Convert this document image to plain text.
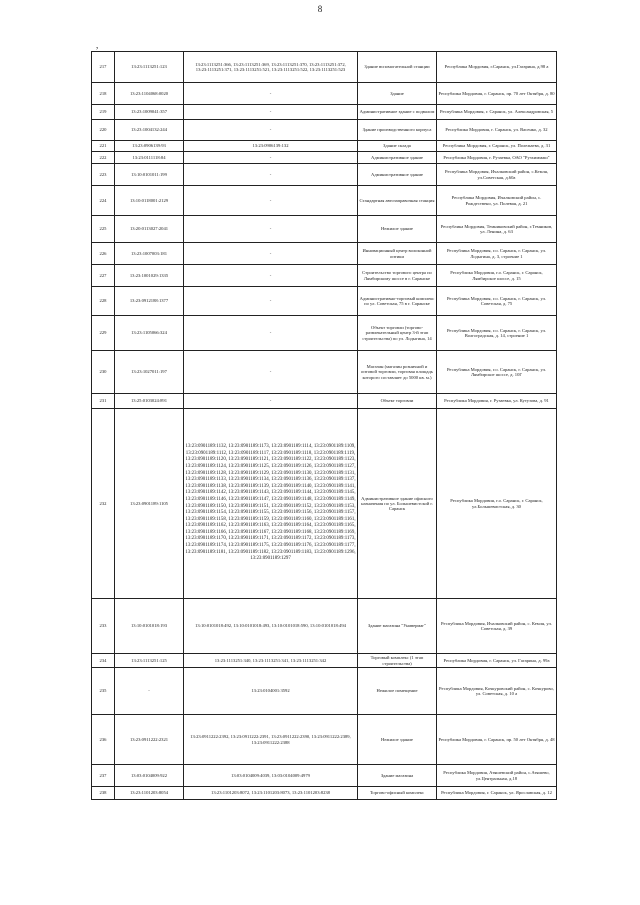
8
,
217	13:23:1113251:123	13:23:1113251:366, 13:23:1113251:369, 13:23:1113251:370, 13:23:1113251:372, 13:23:1113251:371, 13:23:1113251:521, 13:23:1113251:522, 13:23:1113251:523	Здание вспомогательной станции	Республика Мордовия, г.Саранск, ул.Гагарина, д.98 а
218	13:23:1104068:0020	-	Здание	Республика Мордовия, г. Саранск, пр. 70 лет Октября, д. 80
219	13:23:1009041:357	-	Административное здание с подвалом	Республика Мордовия, г. Саранск, ул. Александровская, 5
220	13:23:1004132:244	-	Здание производственного корпуса	Республика Мордовия, г. Саранск, ул. Васенко, д. 32
221	13:23:0906139:93	13:23:0906139:132	Здание склада	Республика Мордовия, г. Саранск, ул. Полежаева, д. 31
222	13:23:0111118:84	-	Административное здание	Республика Мордовия, г. Рузаевка, ОАО "Рузхиммаш"
223	13:10:0101011:199	-	Административное здание	Республика Мордовия, Ичалковский район, с.Кемля, ул.Советская, д.60а
224	13:10:0118001:2129	-	Стандартная автозаправочная станция	Республика Мордовия, Ичалковский район, с. Рождествено, ул. Полевая, д. 21
225	13:20:0113027:2041	-	Нежилое здание	Республика Мордовия, Темниковский район, г.Темников, ул. Ленина, д. 63
226	13:23:1007003:181	-	Инновационный центр волоконной оптики	Республика Мордовия, г.о. Саранск, г. Саранск, ул. Лодыгина, д. 3, строение 1
227	13:23:1001029:1335	-	Строительство торгового центра по Лямбирскому шоссе в г. Саранске	Республика Мордовия, г.о. Саранск, г. Саранск, Лямбирское шоссе, д. 15
228	13:23:0912188:1377	-	Административно-торговый комплекс по ул. Советская, 75 в г. Саранске	Республика Мордовия, г.о. Саранск, г. Саранск, ул. Советская, д. 75
229	13:23:1105066:324	-	Объект торговли (торгово-развлекательный центр 3-й этап строительства) по ул. Лодыгина, 14	Республика Мордовия, г.о. Саранск, г. Саранск, ул. Волгоградская, д. 14, строение 1
230	13:23:1027011:197	-	Магазин (магазин розничной и оптовой торговли, торговая площадь которого составляет до 5000 кв. м.)	Республика Мордовия, г.о. Саранск, г. Саранск, ул. Лямбирское шоссе, д. 10Г
231	13:25:0103024:891	-	Объект торговли	Республика Мордовия, г. Рузаевка, ул. Кутузова, д. 91
232	13:23:0901189:1105	13:23:0901189:1132, 13:23:0901189:1173, 13:23:0901189:1114, 13:23:0901189:1109, 13:23:0901189:1112, 13:23:0901189:1117, 13:23:0901189:1118, 13:23:0901189:1119, 13:23:0901189:1120, 13:23:0901189:1121, 13:23:0901189:1122, 13:23:0901189:1123, 13:23:0901189:1124, 13:23:0901189:1125, 13:23:0901189:1126, 13:23:0901189:1127, 13:23:0901189:1128, 13:23:0901189:1129, 13:23:0901189:1130, 13:23:0901189:1131, 13:23:0901189:1133, 13:23:0901189:1134, 13:23:0901189:1136, 13:23:0901189:1137, 13:23:0901189:1138, 13:23:0901189:1139, 13:23:0901189:1140, 13:23:0901189:1141, 13:23:0901189:1142, 13:23:0901189:1143, 13:23:0901189:1144, 13:23:0901189:1145, 13:23:0901189:1146, 13:23:0901189:1147, 13:23:0901189:1148, 13:23:0901189:1149, 13:23:0901189:1150, 13:23:0901189:1151, 13:23:0901189:1152, 13:23:0901189:1153, 13:23:0901189:1154, 13:23:0901189:1155, 13:23:0901189:1156, 13:23:0901189:1157, 13:23:0901189:1158, 13:23:0901189:1159, 13:23:0901189:1160, 13:23:0901189:1161, 13:23:0901189:1162, 13:23:0901189:1163, 13:23:0901189:1164, 13:23:0901189:1165, 13:23:0901189:1166, 13:23:0901189:1167, 13:23:0901189:1168, 13:23:0901189:1169, 13:23:0901189:1170, 13:23:0901189:1171, 13:23:0901189:1172, 13:23:0901189:1173, 13:23:0901189:1174, 13:23:0901189:1175, 13:23:0901189:1176, 13:23:0901189:1177, 13:23:0901189:1181, 13:23:0901189:1182, 13:23:0901189:1183, 13:23:0901189:1296, 13:23:0901189:1297	Административное здание офисного назначения по ул. Большевистской г. Саранск	Республика Мордовия, г.о. Саранск, г. Саранск, ул.Большевистская, д. 30
233	13:10:0101018:193	13:10:0101018:492, 13:10:0101018:493, 13:10:0101018:590, 13:10:0101018:494	Здание магазина "Универмаг"	Республика Мордовия, Ичалковский район, с. Кемля, ул. Советская, д. 39
234	13:23:1113251:125	13:23:1113251:340, 13:23:1113251:341, 13:23:1113251:342	Торговый комплекс (1 этап строительства)	Республика Мордовия, г. Саранск, ул. Гагарина, д. 99а
235	-	13:23:0104001:3592	Нежилое помещение	Республика Мордовия, Кочкуровский район, с. Кочкурово, ул. Советская, д. 10 а
236	13:23:0911222:2321	13:23:0911222:2392, 13:23:0911222:2391, 13:23:0911222:2390, 13:23:0911222:2389, 13:23:0911222:2388	Нежилое здание	Республика Мордовия, г. Саранск, пр. 50 лет Октября, д. 48
237	13:03:0104009:922	13:03:0104009:4039, 13:03:0104009:4979	Здание магазина	Республика Мордовия, Атяшевский район, с.Атяшево, ул.Центральная, д.18
238	13:23:1101203:8054	13:23:1101203:8072, 13:23:1101203:8073, 13:23:1101203:8238	Торгово-офисный комплекс	Республика Мордовия, г. Саранск, ул. Ярославская, д. 12
